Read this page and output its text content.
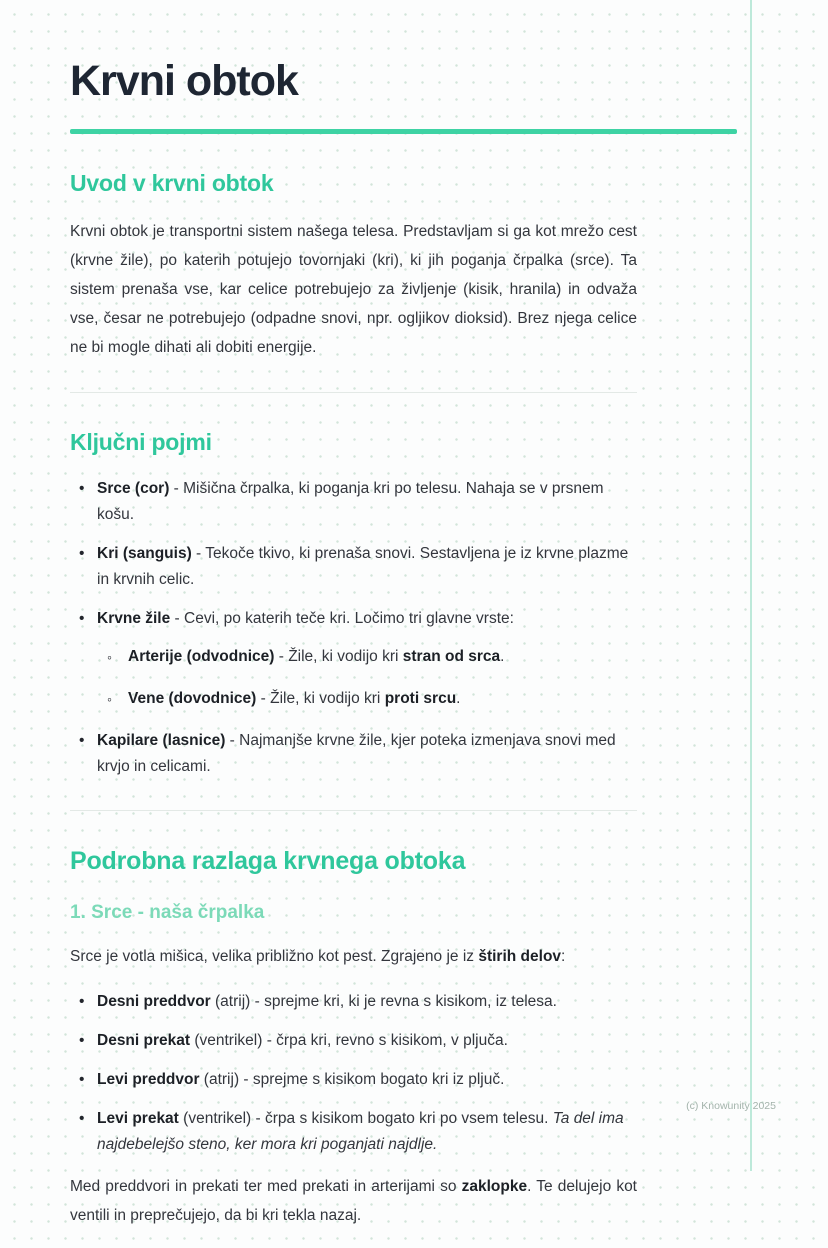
Krvni obtok
Uvod v krvni obtok

Krvni obtok je transportni sistem našega telesa. Predstavljam si ga kot mrežo cest (krvne žile), po katerih potujejo tovornjaki (kri), ki jih poganja črpalka (srce). Ta sistem prenaša vse, kar celice potrebujejo za življenje (kisik, hranila) in odvaža vse, česar ne potrebujejo (odpadne snovi, npr. ogljikov dioksid). Brez njega celice ne bi mogle dihati ali dobiti energije.

Ključni pojmi
• Srce (cor) - Mišična črpalka, ki poganja kri po telesu. Nahaja se v prsnem košu.
• Kri (sanguis) - Tekoče tkivo, ki prenaša snovi. Sestavljena je iz krvne plazme in krvnih celic.
• Krvne žile - Cevi, po katerih teče kri. Ločimo tri glavne vrste:
◦ Arterije (odvodnice) - Žile, ki vodijo kri stran od srca.
◦ Vene (dovodnice) - Žile, ki vodijo kri proti srcu.
• Kapilare (lasnice) - Najmanjše krvne žile, kjer poteka izmenjava snovi med krvjo in celicami.
Podrobna razlaga krvnega obtoka
1. Srce - naša črpalka

Srce je votla mišica, velika približno kot pest. Zgrajeno je iz štirih delov:

• Desni preddvor (atrij) - sprejme kri, ki je revna s kisikom, iz telesa.
• Desni prekat (ventrikel) - črpa kri, revno s kisikom, v pljuča.
• Levi preddvor (atrij) - sprejme s kisikom bogato kri iz pljuč.
• Levi prekat (ventrikel) - črpa s kisikom bogato kri po vsem telesu. Ta del ima najdebelejšo steno, ker mora kri poganjati najdlje.

Med preddvori in prekati ter med prekati in arterijami so zaklopke. Te delujejo kot ventili in preprečujejo, da bi kri tekla nazaj.

(c) Knowunity 2025
